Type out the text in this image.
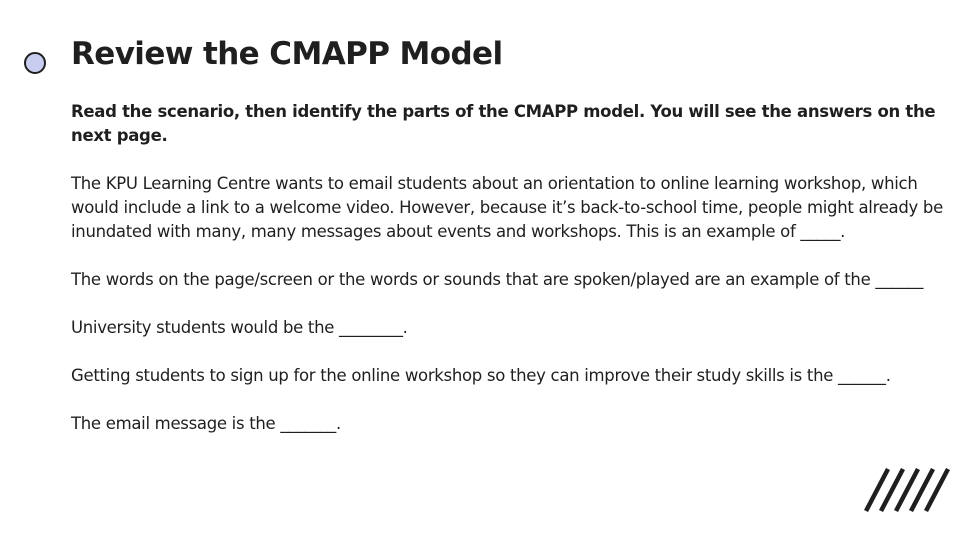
Review the CMAPP Model

Read the scenario, then identify the parts of the CMAPP model. You will see the answers on the next page.

The KPU Learning Centre wants to email students about an orientation to online learning workshop, which would include a link to a welcome video. However, because it’s back-to-school time, people might already be inundated with many, many messages about events and workshops. This is an example of _____.

The words on the page/screen or the words or sounds that are spoken/played are an example of the ______

University students would be the ________.

Getting students to sign up for the online workshop so they can improve their study skills is the ______.

The email message is the _______.
